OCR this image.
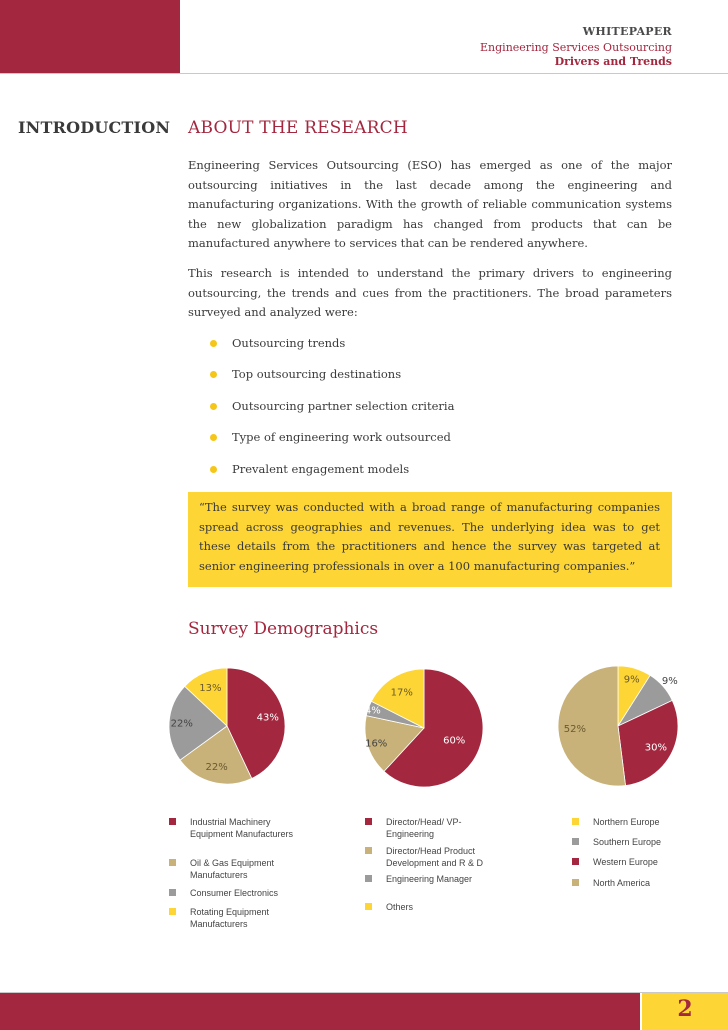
WHITEPAPER
Engineering Services Outsourcing
Drivers and Trends
INTRODUCTION ABOUT THE RESEARCH
Engineering Services Outsourcing (ESO) has emerged as one of the major outsourcing initiatives in the last decade among the engineering and manufacturing organizations. With the growth of reliable communication systems the new globalization paradigm has changed from products that can be manufactured anywhere to services that can be rendered anywhere.
This research is intended to understand the primary drivers to engineering outsourcing, the trends and cues from the practitioners. The broad parameters surveyed and analyzed were:
Outsourcing trends
Top outsourcing destinations
Outsourcing partner selection criteria
Type of engineering work outsourced
Prevalent engagement models
“The survey was conducted with a broad range of manufacturing companies spread across geographies and revenues. The underlying idea was to get these details from the practitioners and hence the survey was targeted at senior engineering professionals in over a 100 manufacturing companies.”
Survey Demographics
43%
22%
22%
13%
60%
16%
4%
17%
9% 9%
30%
52%
Industrial Machinery Equipment Manufacturers
Oil & Gas Equipment Manufacturers
Consumer Electronics
Rotating Equipment Manufacturers
Director/Head/ VP-Engineering
Director/Head Product Development and R & D
Engineering Manager
Others
Northern Europe
Southern Europe
Western Europe
North America
2
